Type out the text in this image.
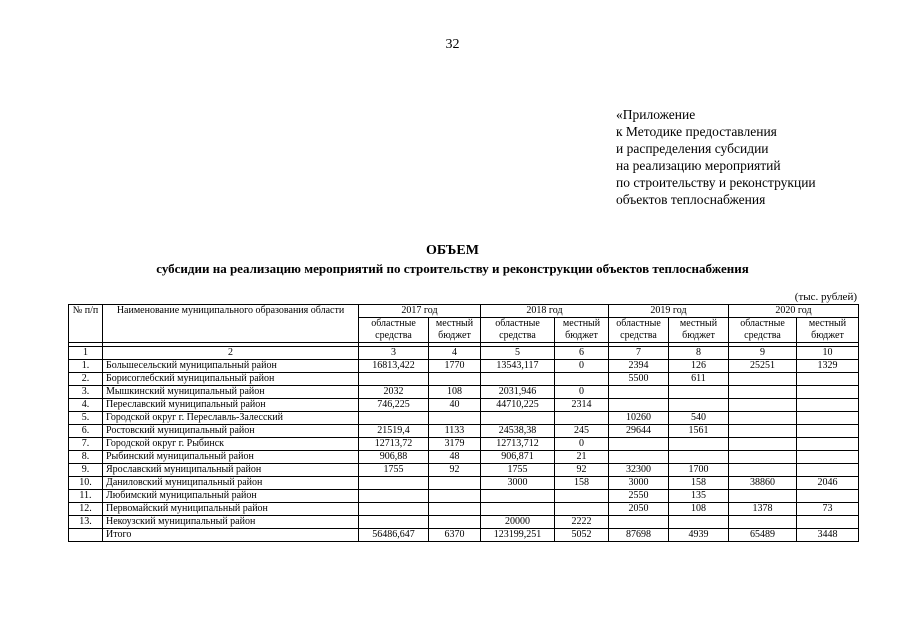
32
«Приложение
к Методике предоставления
и распределения субсидии
на реализацию мероприятий
по строительству и реконструкции
объектов теплоснабжения
ОБЪЕМ
субсидии на реализацию мероприятий по строительству и реконструкции объектов теплоснабжения
(тыс. рублей)
№ п/п	Наименование муниципального образования области	2017 год		2018 год		2019 год		2020 год	
		областные средства	местный бюджет	областные средства	местный бюджет	областные средства	местный бюджет	областные средства	местный бюджет

1	2	3	4	5	6	7	8	9	10
1.	Большесельский муниципальный район	16813,422	1770	13543,117	0	2394	126	25251	1329
2.	Борисоглебский муниципальный район					5500	611		
3.	Мышкинский муниципальный район	2032	108	2031,946	0				
4.	Переславский муниципальный район	746,225	40	44710,225	2314				
5.	Городской округ г. Переславль-Залесский					10260	540		
6.	Ростовский муниципальный район	21519,4	1133	24538,38	245	29644	1561		
7.	Городской округ г. Рыбинск	12713,72	3179	12713,712	0				
8.	Рыбинский муниципальный район	906,88	48	906,871	21				
9.	Ярославский муниципальный район	1755	92	1755	92	32300	1700		
10.	Даниловский муниципальный район			3000	158	3000	158	38860	2046
11.	Любимский муниципальный район					2550	135		
12.	Первомайский муниципальный район					2050	108	1378	73
13.	Некоузский муниципальный район			20000	2222				
	Итого	56486,647	6370	123199,251	5052	87698	4939	65489	3448
